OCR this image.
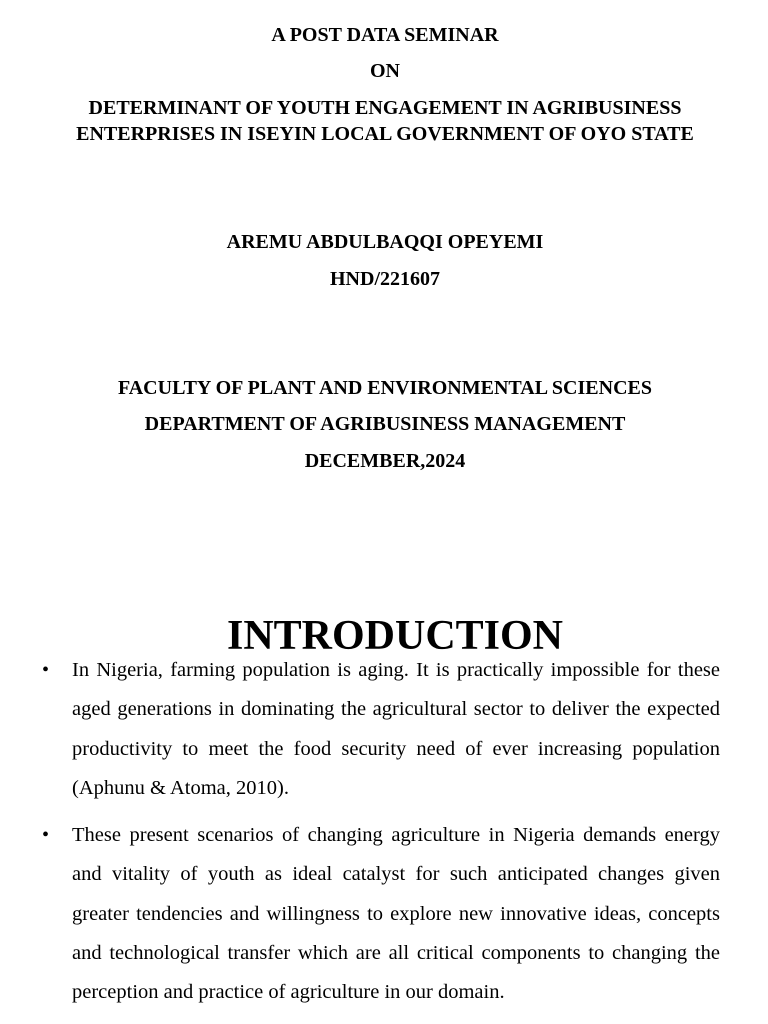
A POST DATA SEMINAR
ON
DETERMINANT OF YOUTH ENGAGEMENT IN AGRIBUSINESS
ENTERPRISES IN ISEYIN LOCAL GOVERNMENT OF OYO STATE
AREMU ABDULBAQQI OPEYEMI
HND/221607
FACULTY OF PLANT AND ENVIRONMENTAL SCIENCES
DEPARTMENT OF AGRIBUSINESS MANAGEMENT
DECEMBER,2024
INTRODUCTION
• In Nigeria, farming population is aging. It is practically impossible for these aged generations in dominating the agricultural sector to deliver the expected productivity to meet the food security need of ever increasing population (Aphunu & Atoma, 2010).
• These present scenarios of changing agriculture in Nigeria demands energy and vitality of youth as ideal catalyst for such anticipated changes given greater tendencies and willingness to explore new innovative ideas, concepts and technological transfer which are all critical components to changing the perception and practice of agriculture in our domain.
